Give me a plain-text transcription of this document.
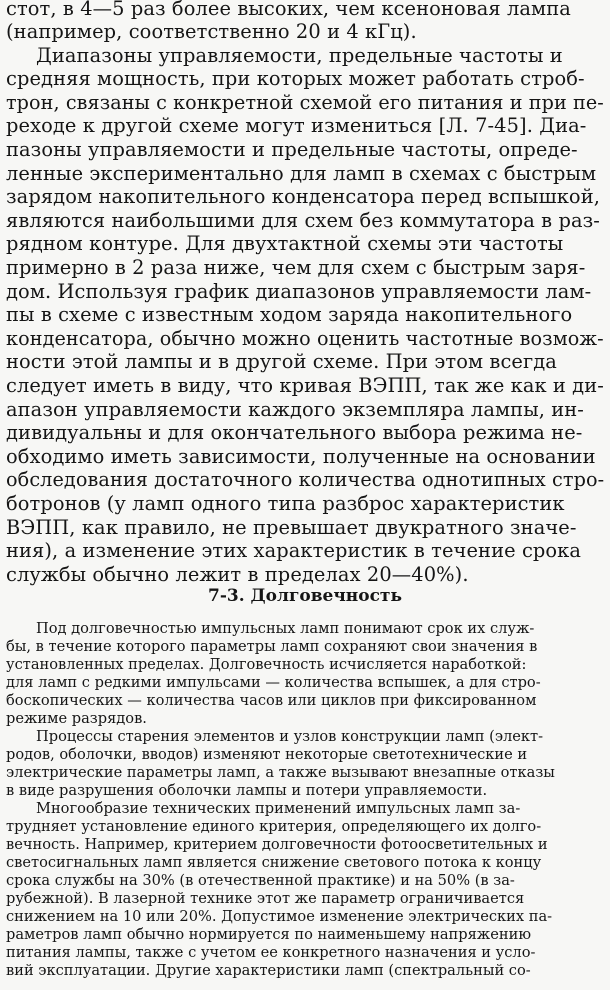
стот, в 4—5 раз более высоких, чем ксеноновая лампа
(например, соответственно 20 и 4 кГц).
Диапазоны управляемости, предельные частоты и
средняя мощность, при которых может работать строб-
трон, связаны с конкретной схемой его питания и при пе-
реходе к другой схеме могут измениться [Л. 7-45]. Диа-
пазоны управляемости и предельные частоты, опреде-
ленные экспериментально для ламп в схемах с быстрым
зарядом накопительного конденсатора перед вспышкой,
являются наибольшими для схем без коммутатора в раз-
рядном контуре. Для двухтактной схемы эти частоты
примерно в 2 раза ниже, чем для схем с быстрым заря-
дом. Используя график диапазонов управляемости лам-
пы в схеме с известным ходом заряда накопительного
конденсатора, обычно можно оценить частотные возмож-
ности этой лампы и в другой схеме. При этом всегда
следует иметь в виду, что кривая ВЭПП, так же как и ди-
апазон управляемости каждого экземпляра лампы, ин-
дивидуальны и для окончательного выбора режима не-
обходимо иметь зависимости, полученные на основании
обследования достаточного количества однотипных стро-
ботронов (у ламп одного типа разброс характеристик
ВЭПП, как правило, не превышает двукратного значе-
ния), а изменение этих характеристик в течение срока
службы обычно лежит в пределах 20—40%).
7-3. Долговечность
Под долговечностью импульсных ламп понимают срок их служ-
бы, в течение которого параметры ламп сохраняют свои значения в
установленных пределах. Долговечность исчисляется наработкой:
для ламп с редкими импульсами — количества вспышек, а для стро-
боскопических — количества часов или циклов при фиксированном
режиме разрядов.
Процессы старения элементов и узлов конструкции ламп (элект-
родов, оболочки, вводов) изменяют некоторые светотехнические и
электрические параметры ламп, а также вызывают внезапные отказы
в виде разрушения оболочки лампы и потери управляемости.
Многообразие технических применений импульсных ламп за-
трудняет установление единого критерия, определяющего их долго-
вечность. Например, критерием долговечности фотоосветительных и
светосигнальных ламп является снижение светового потока к концу
срока службы на 30% (в отечественной практике) и на 50% (в за-
рубежной). В лазерной технике этот же параметр ограничивается
снижением на 10 или 20%. Допустимое изменение электрических па-
раметров ламп обычно нормируется по наименьшему напряжению
питания лампы, также с учетом ее конкретного назначения и усло-
вий эксплуатации. Другие характеристики ламп (спектральный со-
